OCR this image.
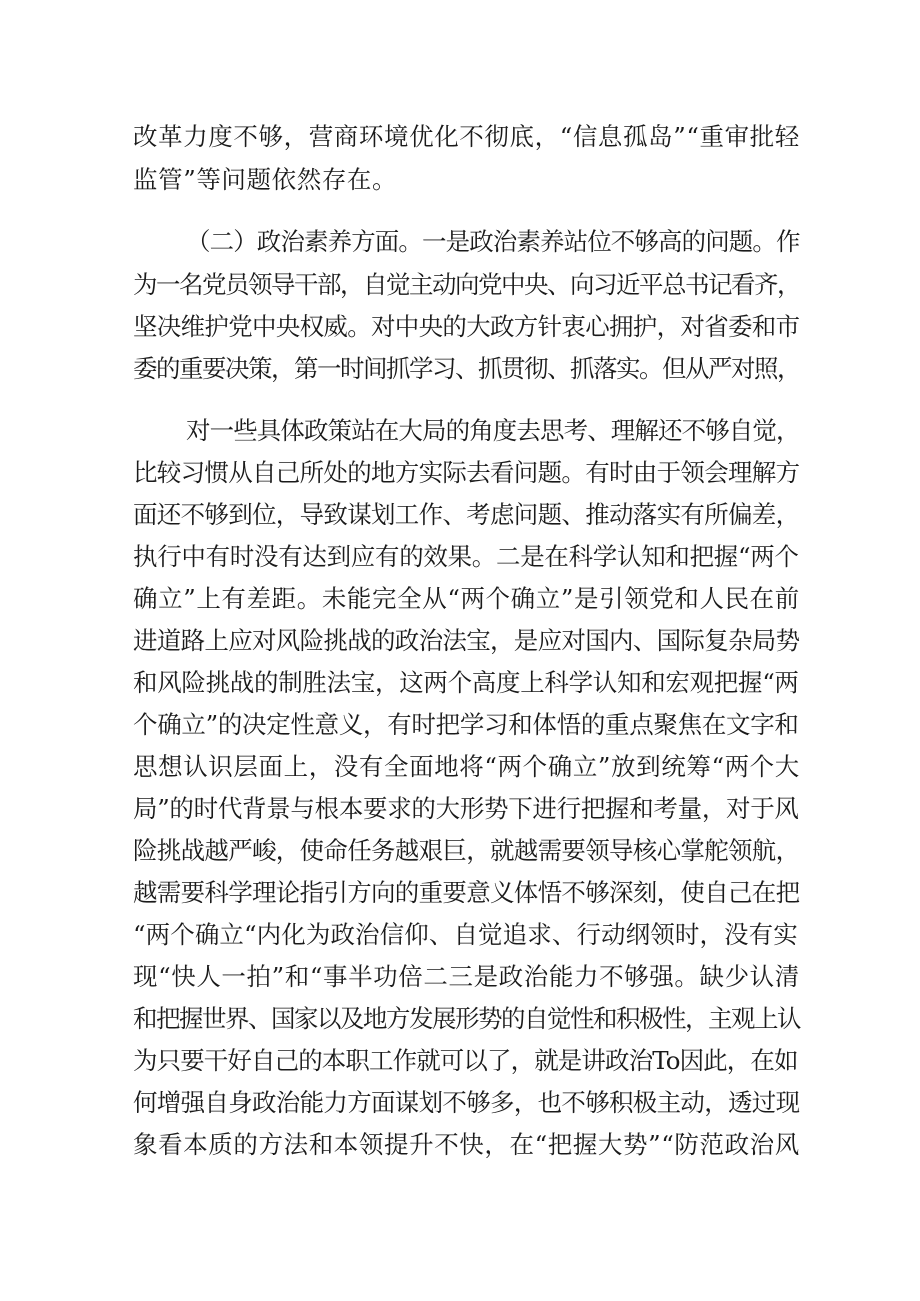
改革力度不够，营商环境优化不彻底，“信息孤岛”“重审批轻
监管”等问题依然存在。
（二）政治素养方面。一是政治素养站位不够高的问题。作
为一名党员领导干部，自觉主动向党中央、向习近平总书记看齐，
坚决维护党中央权威。对中央的大政方针衷心拥护，对省委和市
委的重要决策，第一时间抓学习、抓贯彻、抓落实。但从严对照，
对一些具体政策站在大局的角度去思考、理解还不够自觉，
比较习惯从自己所处的地方实际去看问题。有时由于领会理解方
面还不够到位，导致谋划工作、考虑问题、推动落实有所偏差，
执行中有时没有达到应有的效果。二是在科学认知和把握“两个
确立”上有差距。未能完全从“两个确立”是引领党和人民在前
进道路上应对风险挑战的政治法宝，是应对国内、国际复杂局势
和风险挑战的制胜法宝，这两个高度上科学认知和宏观把握“两
个确立”的决定性意义，有时把学习和体悟的重点聚焦在文字和
思想认识层面上，没有全面地将“两个确立”放到统筹“两个大
局”的时代背景与根本要求的大形势下进行把握和考量，对于风
险挑战越严峻，使命任务越艰巨，就越需要领导核心掌舵领航，
越需要科学理论指引方向的重要意义体悟不够深刻，使自己在把
“两个确立“内化为政治信仰、自觉追求、行动纲领时，没有实
现“快人一拍”和“事半功倍二三是政治能力不够强。缺少认清
和把握世界、国家以及地方发展形势的自觉性和积极性，主观上认
为只要干好自己的本职工作就可以了，就是讲政治To因此，在如
何增强自身政治能力方面谋划不够多，也不够积极主动，透过现
象看本质的方法和本领提升不快，在“把握大势”“防范政治风
